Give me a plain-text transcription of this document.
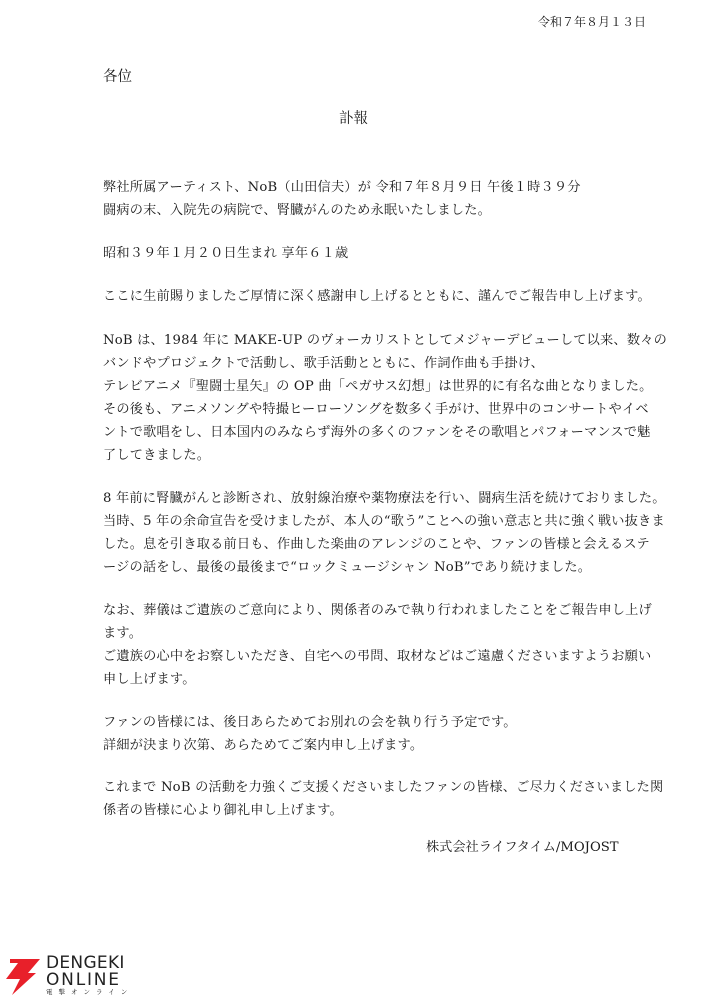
令和７年８月１３日
各位
訃報
弊社所属アーティスト、NoB（山田信夫）が 令和７年８月９日 午後１時３９分
闘病の末、入院先の病院で、腎臓がんのため永眠いたしました。
昭和３９年１月２０日生まれ 享年６１歳
ここに生前賜りましたご厚情に深く感謝申し上げるとともに、謹んでご報告申し上げます。
NoB は、1984 年に MAKE-UP のヴォーカリストとしてメジャーデビューして以来、数々の
バンドやプロジェクトで活動し、歌手活動とともに、作詞作曲も手掛け、
テレビアニメ『聖闘士星矢』の OP 曲「ペガサス幻想」は世界的に有名な曲となりました。
その後も、アニメソングや特撮ヒーローソングを数多く手がけ、世界中のコンサートやイベ
ントで歌唱をし、日本国内のみならず海外の多くのファンをその歌唱とパフォーマンスで魅
了してきました。
8 年前に腎臓がんと診断され、放射線治療や薬物療法を行い、闘病生活を続けておりました。
当時、5 年の余命宣告を受けましたが、本人の“歌う”ことへの強い意志と共に強く戦い抜きま
した。息を引き取る前日も、作曲した楽曲のアレンジのことや、ファンの皆様と会えるステ
ージの話をし、最後の最後まで“ロックミュージシャン NoB”であり続けました。
なお、葬儀はご遺族のご意向により、関係者のみで執り行われましたことをご報告申し上げ
ます。
ご遺族の心中をお察しいただき、自宅への弔問、取材などはご遠慮くださいますようお願い
申し上げます。
ファンの皆様には、後日あらためてお別れの会を執り行う予定です。
詳細が決まり次第、あらためてご案内申し上げます。
これまで NoB の活動を力強くご支援くださいましたファンの皆様、ご尽力くださいました関
係者の皆様に心より御礼申し上げます。
株式会社ライフタイム/MOJOST
DENGEKI
ONLINE
電撃オンライン
